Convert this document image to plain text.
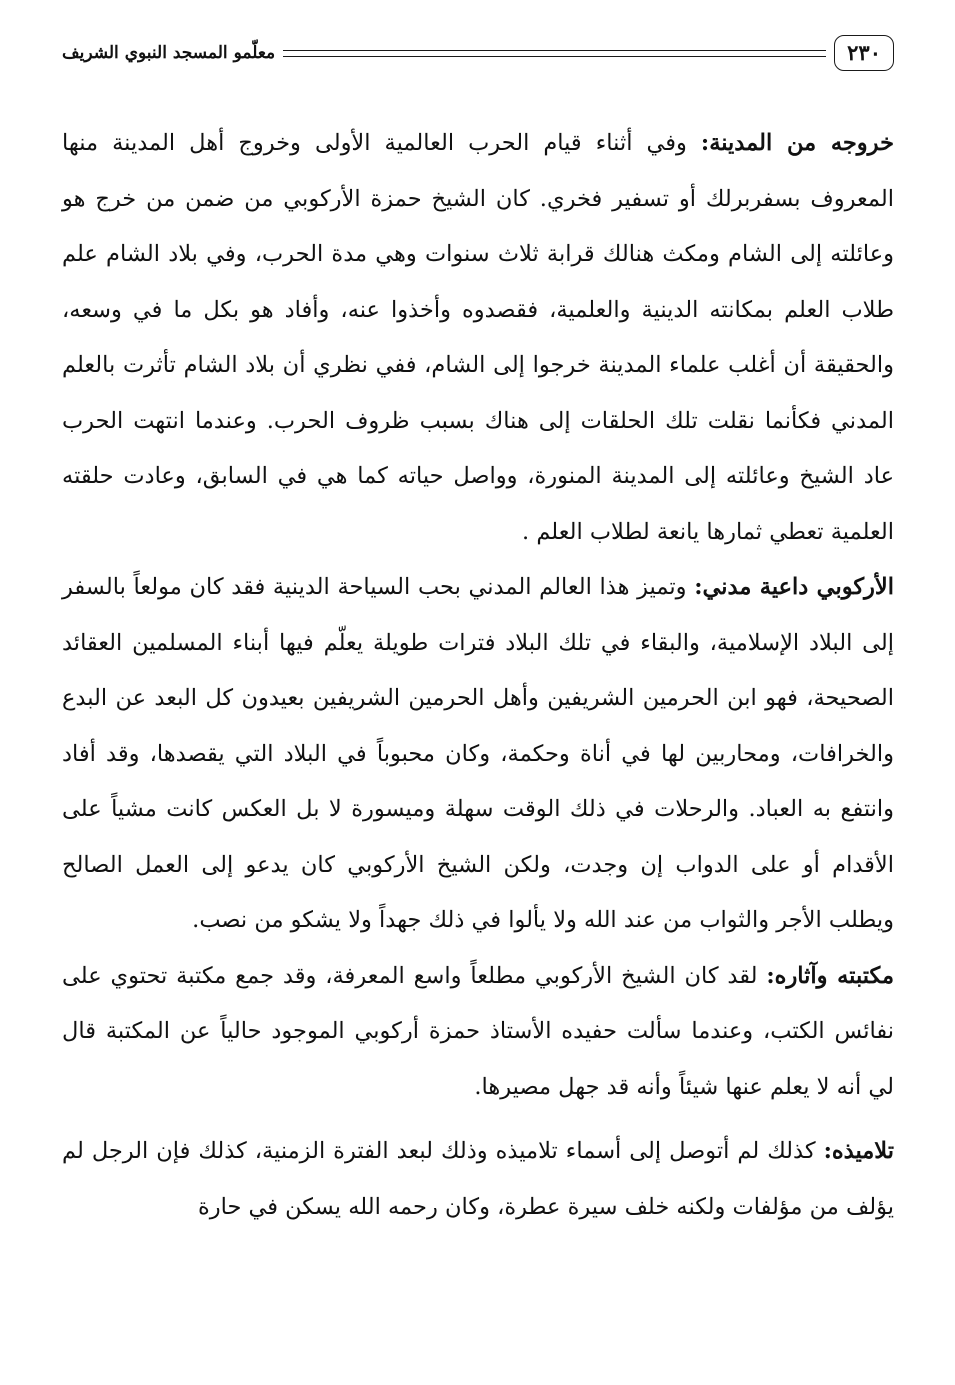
٢٣٠
معلّمو المسجد النبوي الشريف

خروجه من المدينة: وفي أثناء قيام الحرب العالمية الأولى وخروج أهل المدينة منها المعروف بسفربرلك أو تسفير فخري. كان الشيخ حمزة الأركوبي من ضمن من خرج هو وعائلته إلى الشام ومكث هنالك قرابة ثلاث سنوات وهي مدة الحرب، وفي بلاد الشام علم طلاب العلم بمكانته الدينية والعلمية، فقصدوه وأخذوا عنه، وأفاد هو بكل ما في وسعه، والحقيقة أن أغلب علماء المدينة خرجوا إلى الشام، ففي نظري أن بلاد الشام تأثرت بالعلم المدني فكأنما نقلت تلك الحلقات إلى هناك بسبب ظروف الحرب. وعندما انتهت الحرب عاد الشيخ وعائلته إلى المدينة المنورة، وواصل حياته كما هي في السابق، وعادت حلقته العلمية تعطي ثمارها يانعة لطلاب العلم .

الأركوبي داعية مدني: وتميز هذا العالم المدني بحب السياحة الدينية فقد كان مولعاً بالسفر إلى البلاد الإسلامية، والبقاء في تلك البلاد فترات طويلة يعلّم فيها أبناء المسلمين العقائد الصحيحة، فهو ابن الحرمين الشريفين وأهل الحرمين الشريفين بعيدون كل البعد عن البدع والخرافات، ومحاربين لها في أناة وحكمة، وكان محبوباً في البلاد التي يقصدها، وقد أفاد وانتفع به العباد. والرحلات في ذلك الوقت سهلة وميسورة لا بل العكس كانت مشياً على الأقدام أو على الدواب إن وجدت، ولكن الشيخ الأركوبي كان يدعو إلى العمل الصالح ويطلب الأجر والثواب من عند الله ولا يألوا في ذلك جهداً ولا يشكو من نصب.

مكتبته وآثاره: لقد كان الشيخ الأركوبي مطلعاً واسع المعرفة، وقد جمع مكتبة تحتوي على نفائس الكتب، وعندما سألت حفيده الأستاذ حمزة أركوبي الموجود حالياً عن المكتبة قال لي أنه لا يعلم عنها شيئاً وأنه قد جهل مصيرها.

تلاميذه: كذلك لم أتوصل إلى أسماء تلاميذه وذلك لبعد الفترة الزمنية، كذلك فإن الرجل لم يؤلف من مؤلفات ولكنه خلف سيرة عطرة، وكان رحمه الله يسكن في حارة
